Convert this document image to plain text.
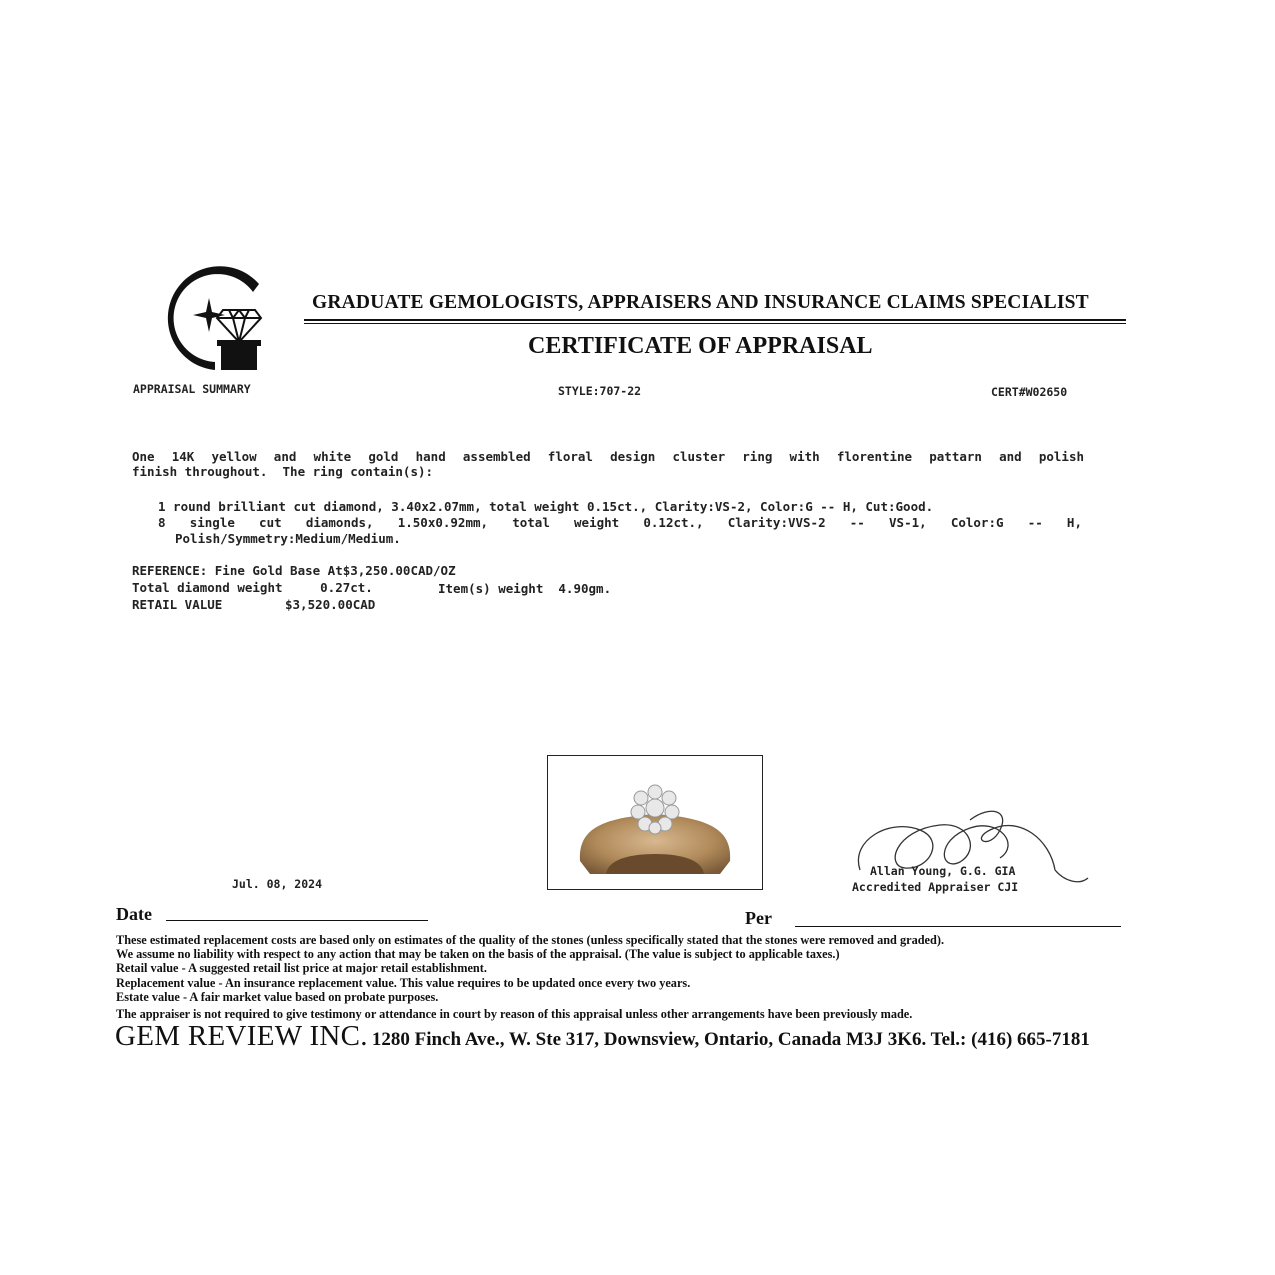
GRADUATE GEMOLOGISTS, APPRAISERS AND INSURANCE CLAIMS SPECIALIST
CERTIFICATE OF APPRAISAL
APPRAISAL SUMMARY	STYLE:707-22	CERT#W02650
One 14K yellow and white gold hand assembled floral design cluster ring with florentine pattarn and polish
finish throughout.  The ring contain(s):
1 round brilliant cut diamond, 3.40x2.07mm, total weight 0.15ct., Clarity:VS-2, Color:G -- H, Cut:Good.
8 single cut diamonds, 1.50x0.92mm, total weight 0.12ct., Clarity:VVS-2 -- VS-1, Color:G -- H,
Polish/Symmetry:Medium/Medium.
REFERENCE: Fine Gold Base At$3,250.00CAD/OZ
Total diamond weight     0.27ct.	Item(s) weight  4.90gm.
RETAIL VALUE	$3,520.00CAD
Allan Young, G.G. GIA
Accredited Appraiser CJI
Jul. 08, 2024
Date	Per
These estimated replacement costs are based only on estimates of the quality of the stones (unless specifically stated that the stones were removed and graded).
We assume no liability with respect to any action that may be taken on the basis of the appraisal. (The value is subject to applicable taxes.)
Retail value - A suggested retail list price at major retail establishment.
Replacement value - An insurance replacement value. This value requires to be updated once every two years.
Estate value - A fair market value based on probate purposes.
The appraiser is not required to give testimony or attendance in court by reason of this appraisal unless other arrangements have been previously made.
GEM REVIEW INC. 1280 Finch Ave., W. Ste 317, Downsview, Ontario, Canada M3J 3K6. Tel.: (416) 665-7181
